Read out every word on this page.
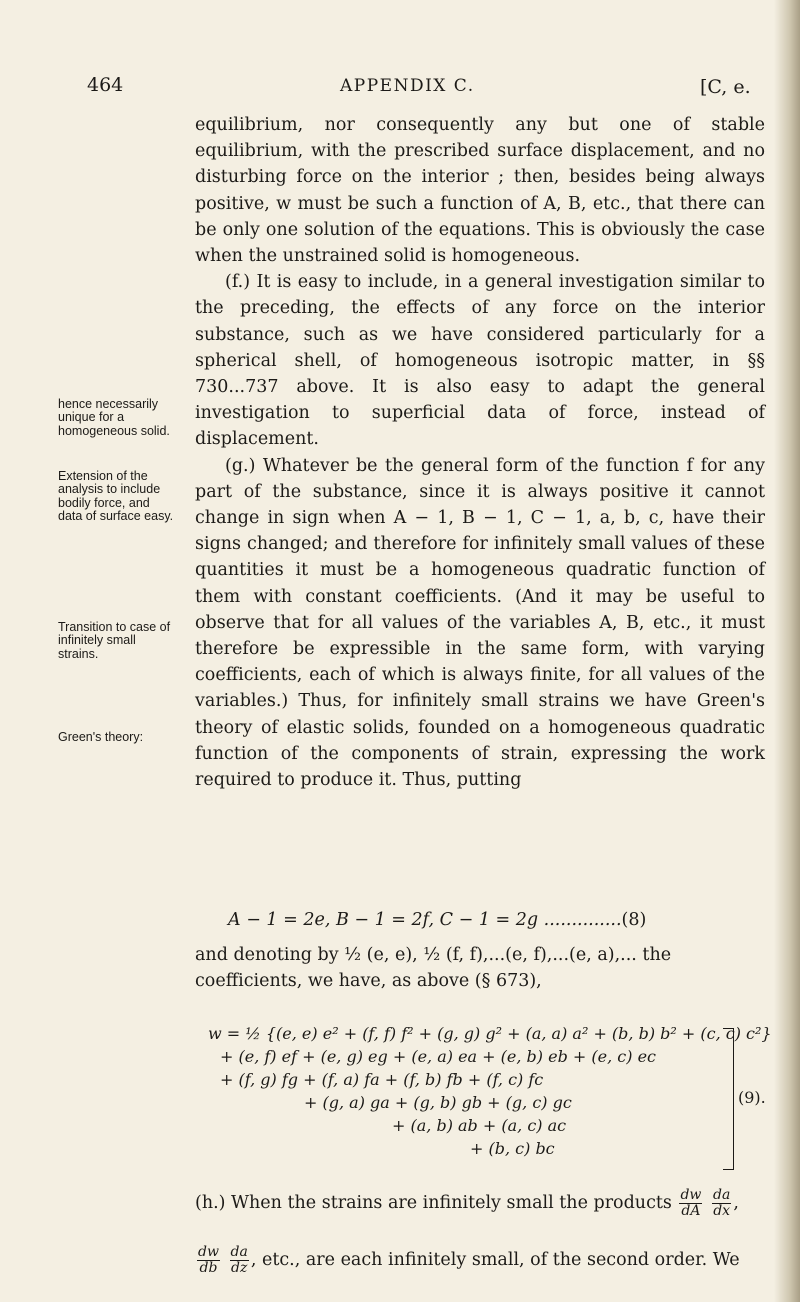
464	APPENDIX C.	[C, e.
hence necessarily unique for a homogeneous solid.
Extension of the analysis to include bodily force, and data of surface easy.
Transition to case of infinitely small strains.
Green's theory:

equilibrium, nor consequently any but one of stable equilibrium, with the prescribed surface displacement, and no disturbing force on the interior ; then, besides being always positive, w must be such a function of A, B, etc., that there can be only one solution of the equations. This is obviously the case when the unstrained solid is homogeneous.

(f.) It is easy to include, in a general investigation similar to the preceding, the effects of any force on the interior substance, such as we have considered particularly for a spherical shell, of homogeneous isotropic matter, in §§ 730...737 above. It is also easy to adapt the general investigation to superficial data of force, instead of displacement.

(g.) Whatever be the general form of the function f for any part of the substance, since it is always positive it cannot change in sign when A − 1, B − 1, C − 1, a, b, c, have their signs changed; and therefore for infinitely small values of these quantities it must be a homogeneous quadratic function of them with constant coefficients. (And it may be useful to observe that for all values of the variables A, B, etc., it must therefore be expressible in the same form, with varying coefficients, each of which is always finite, for all values of the variables.) Thus, for infinitely small strains we have Green's theory of elastic solids, founded on a homogeneous quadratic function of the components of strain, expressing the work required to produce it. Thus, putting

A − 1 = 2e, B − 1 = 2f, C − 1 = 2g ..............(8)
and denoting by ½ (e, e), ½ (f, f),...(e, f),...(e, a),... the coefficients, we have, as above (§ 673),
w = ½ {(e, e) e² + (f, f) f² + (g, g) g² + (a, a) a² + (b, b) b² + (c, c) c²}
+ (e, f) ef + (e, g) eg + (e, a) ea + (e, b) eb + (e, c) ec
+ (f, g) fg + (f, a) fa + (f, b) fb + (f, c) fc
+ (g, a) ga + (g, b) gb + (g, c) gc
+ (a, b) ab + (a, c) ac
+ (b, c) bc
(9).
(h.) When the strains are infinitely small the products $\frac{dw}{dA}$
$\frac{da}{dx}$ ,
$\frac{dw}{db}$
$\frac{da}{dz}$ , etc., are each infinitely small, of the second order. We
